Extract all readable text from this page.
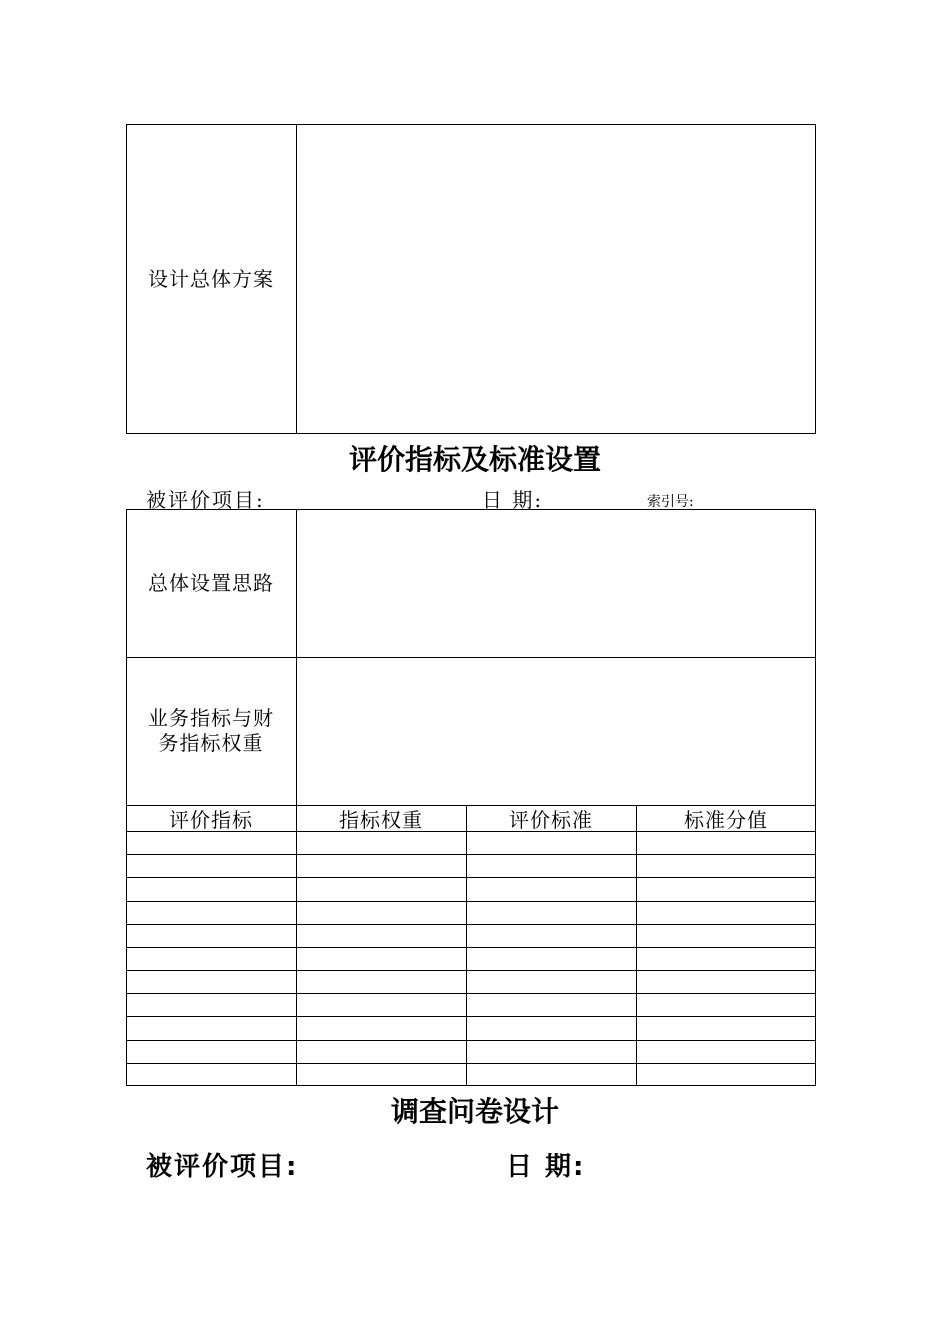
设计总体方案
评价指标及标准设置
被评价项目:	日 期:	索引号:
总体设置思路
业务指标与财
务指标权重
评价指标	指标权重	评价标准	标准分值
调查问卷设计
被评价项目:	日 期:
